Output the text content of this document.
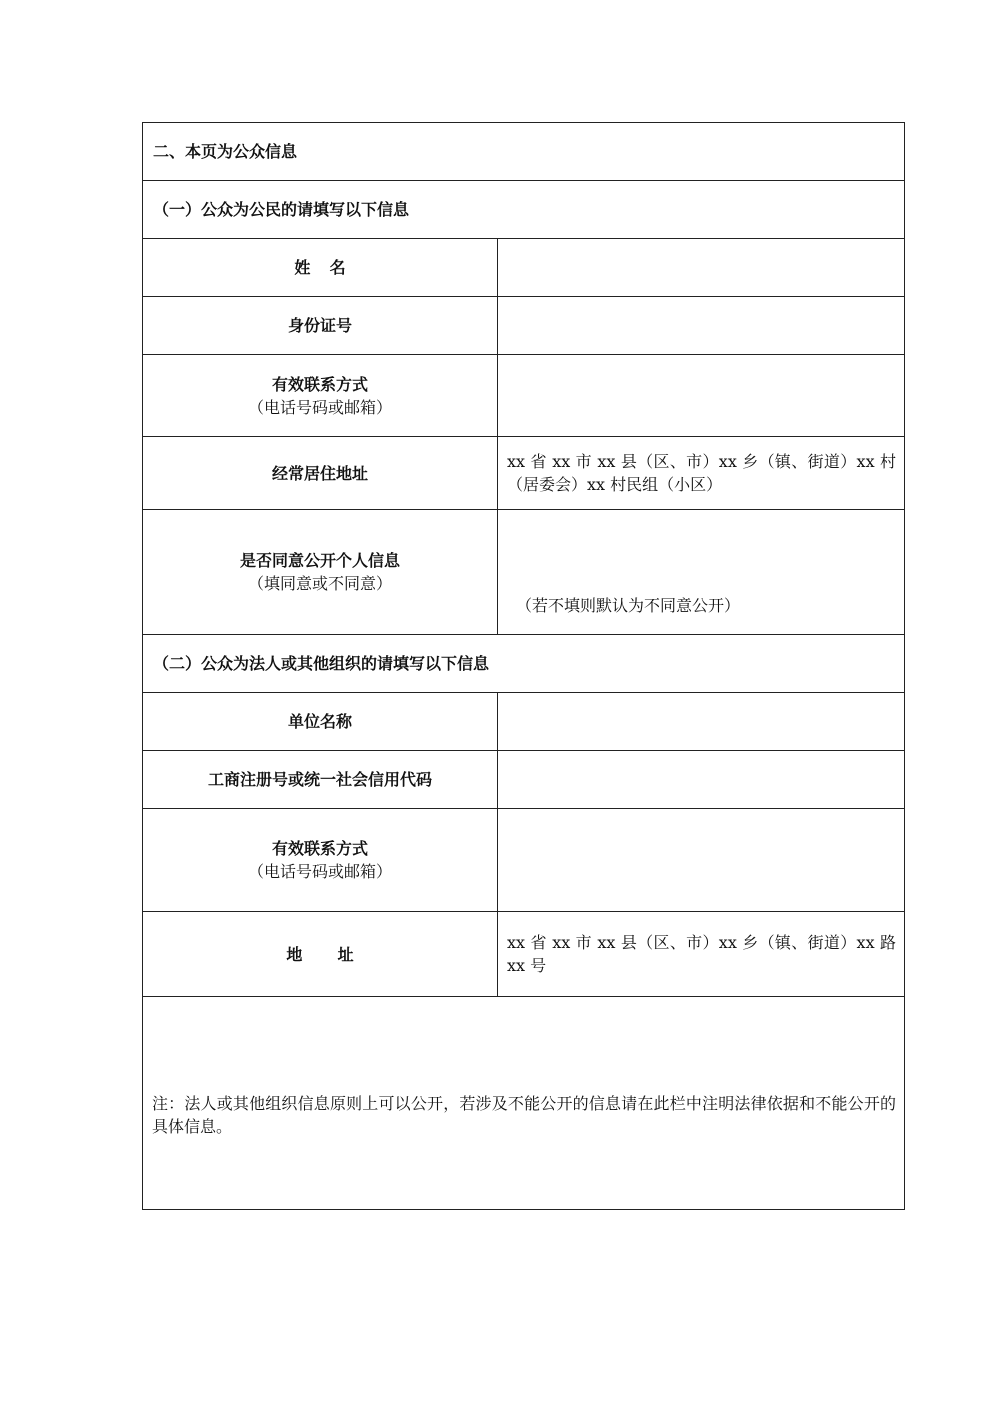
二、本页为公众信息	
（一）公众为公民的请填写以下信息	
姓名	
身份证号	
有效联系方式
（电话号码或邮箱）	

经常居住地址	xx 省 xx 市 xx 县（区、市）xx 乡（镇、街道）xx 村（居委会）xx 村民组（小区）

是否同意公开个人信息
（填同意或不同意）	（若不填则默认为不同意公开）

（二）公众为法人或其他组织的请填写以下信息	
单位名称	
工商注册号或统一社会信用代码	
有效联系方式
（电话号码或邮箱）	

地址	xx 省 xx 市 xx 县（区、市）xx 乡（镇、街道）xx 路 xx 号

注：法人或其他组织信息原则上可以公开，若涉及不能公开的信息请在此栏中注明法律依据和不能公开的具体信息。	
